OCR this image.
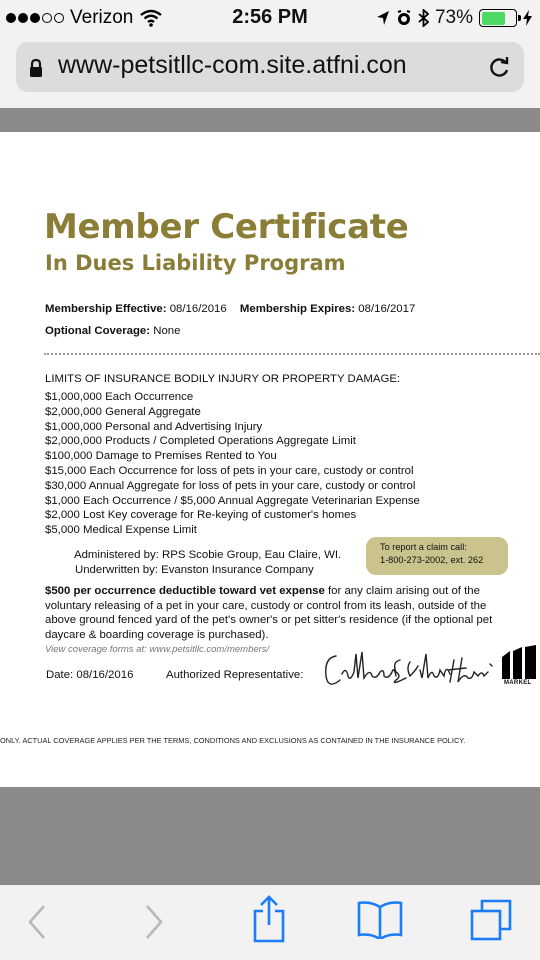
Verizon	2:56 PM	73%
www-petsitllc-com.site.atfni.con
Member Certificate
In Dues Liability Program
Membership Effective: 08/16/2016 Membership Expires: 08/16/2017
Optional Coverage: None
LIMITS OF INSURANCE BODILY INJURY OR PROPERTY DAMAGE:
$1,000,000 Each Occurrence
$2,000,000 General Aggregate
$1,000,000 Personal and Advertising Injury
$2,000,000 Products / Completed Operations Aggregate Limit
$100,000 Damage to Premises Rented to You
$15,000 Each Occurrence for loss of pets in your care, custody or control
$30,000 Annual Aggregate for loss of pets in your care, custody or control
$1,000 Each Occurrence / $5,000 Annual Aggregate Veterinarian Expense
$2,000 Lost Key coverage for Re-keying of customer's homes
$5,000 Medical Expense Limit
Administered by: RPS Scobie Group, Eau Claire, WI.
Underwritten by: Evanston Insurance Company
To report a claim call:
1-800-273-2002, ext. 262
$500 per occurrence deductible toward vet expense for any claim arising out of the voluntary releasing of a pet in your care, custody or control from its leash, outside of the above ground fenced yard of the pet's owner's or pet sitter's residence (if the optional pet daycare & boarding coverage is purchased).
View coverage forms at: www.petsitllc.com/members/
Date: 08/16/2016	Authorized Representative:
MARKEL
ONLY. ACTUAL COVERAGE APPLIES PER THE TERMS, CONDITIONS AND EXCLUSIONS AS CONTAINED IN THE INSURANCE POLICY.
